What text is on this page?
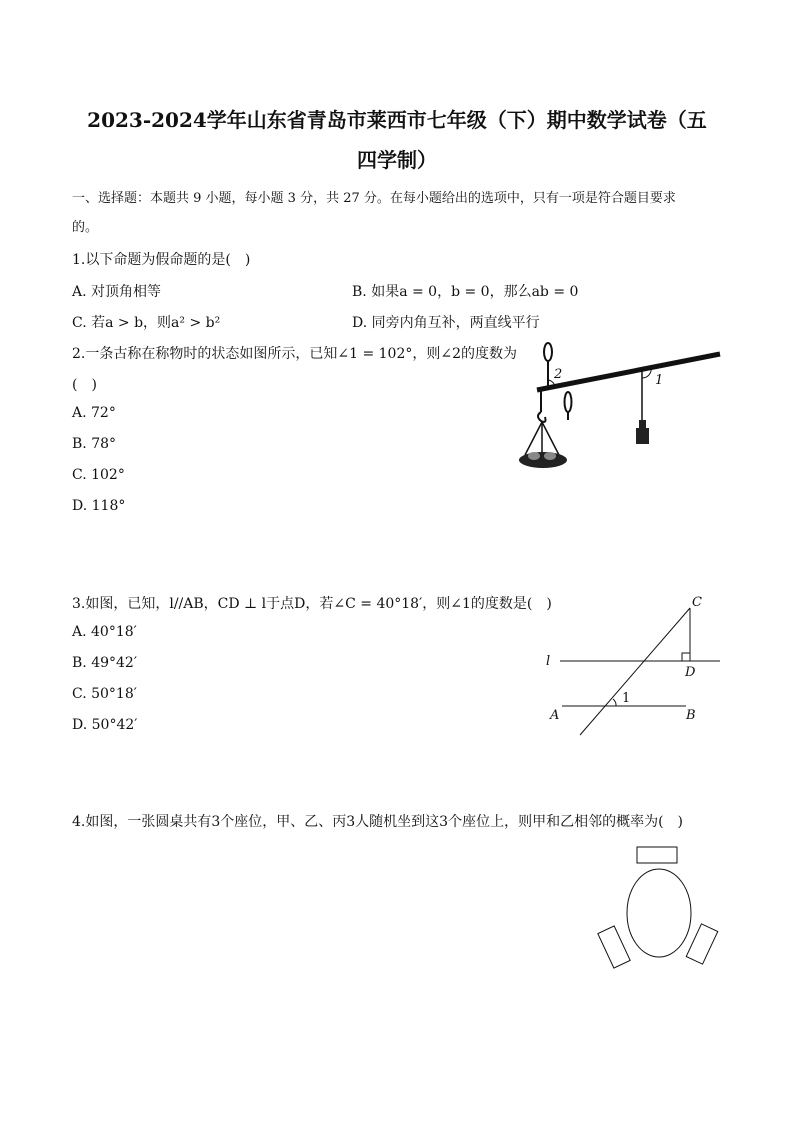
2023-2024学年山东省青岛市莱西市七年级（下）期中数学试卷（五
四学制）
一、选择题：本题共 9 小题，每小题 3 分，共 27 分。在每小题给出的选项中，只有一项是符合题目要求
的。
1.以下命题为假命题的是(　)
A. 对顶角相等	B. 如果a = 0，b = 0，那么ab = 0
C. 若a > b，则a² > b²	D. 同旁内角互补，两直线平行
2.一条古称在称物时的状态如图所示，已知∠1 = 102°，则∠2的度数为
(　)
A. 72°
B. 78°
C. 102°
D. 118°
2	1
3.如图，已知，l//AB，CD ⊥ l于点D，若∠C = 40°18′，则∠1的度数是(　)
A. 40°18′
B. 49°42′
C. 50°18′
D. 50°42′
l
A	B
C
D
1
4.如图，一张圆桌共有3个座位，甲、乙、丙3人随机坐到这3个座位上，则甲和乙相邻的概率为(　)
